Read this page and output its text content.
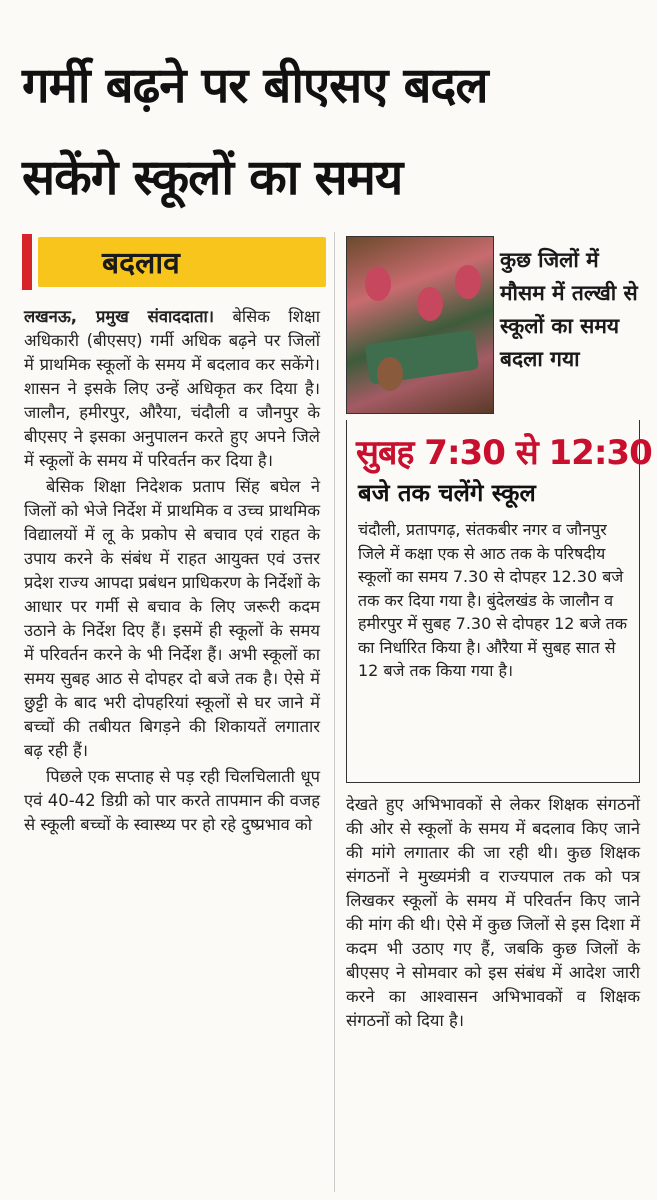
गर्मी बढ़ने पर बीएसए बदल
सकेंगे स्कूलों का समय
बदलाव

लखनऊ, प्रमुख संवाददाता। बेसिक शिक्षा अधिकारी (बीएसए) गर्मी अधिक बढ़ने पर जिलों में प्राथमिक स्कूलों के समय में बदलाव कर सकेंगे। शासन ने इसके लिए उन्हें अधिकृत कर दिया है। जालौन, हमीरपुर, औरैया, चंदौली व जौनपुर के बीएसए ने इसका अनुपालन करते हुए अपने जिले में स्कूलों के समय में परिवर्तन कर दिया है।

बेसिक शिक्षा निदेशक प्रताप सिंह बघेल ने जिलों को भेजे निर्देश में प्राथमिक व उच्च प्राथमिक विद्यालयों में लू के प्रकोप से बचाव एवं राहत के उपाय करने के संबंध में राहत आयुक्त एवं उत्तर प्रदेश राज्य आपदा प्रबंधन प्राधिकरण के निर्देशों के आधार पर गर्मी से बचाव के लिए जरूरी कदम उठाने के निर्देश दिए हैं। इसमें ही स्कूलों के समय में परिवर्तन करने के भी निर्देश हैं। अभी स्कूलों का समय सुबह आठ से दोपहर दो बजे तक है। ऐसे में छुट्टी के बाद भरी दोपहरियां स्कूलों से घर जाने में बच्चों की तबीयत बिगड़ने की शिकायतें लगातार बढ़ रही हैं।

पिछले एक सप्ताह से पड़ रही चिलचिलाती धूप एवं 40-42 डिग्री को पार करते तापमान की वजह से स्कूली बच्चों के स्वास्थ्य पर हो रहे दुष्प्रभाव को

कुछ जिलों में मौसम में तल्खी से स्कूलों का समय बदला गया
सुबह 7:30 से 12:30
बजे तक चलेंगे स्कूल
चंदौली, प्रतापगढ़, संतकबीर नगर व जौनपुर जिले में कक्षा एक से आठ तक के परिषदीय स्कूलों का समय 7.30 से दोपहर 12.30 बजे तक कर दिया गया है। बुंदेलखंड के जालौन व हमीरपुर में सुबह 7.30 से दोपहर 12 बजे तक का निर्धारित किया है। औरैया में सुबह सात से 12 बजे तक किया गया है।

देखते हुए अभिभावकों से लेकर शिक्षक संगठनों की ओर से स्कूलों के समय में बदलाव किए जाने की मांगे लगातार की जा रही थी। कुछ शिक्षक संगठनों ने मुख्यमंत्री व राज्यपाल तक को पत्र लिखकर स्कूलों के समय में परिवर्तन किए जाने की मांग की थी। ऐसे में कुछ जिलों से इस दिशा में कदम भी उठाए गए हैं, जबकि कुछ जिलों के बीएसए ने सोमवार को इस संबंध में आदेश जारी करने का आश्वासन अभिभावकों व शिक्षक संगठनों को दिया है।
